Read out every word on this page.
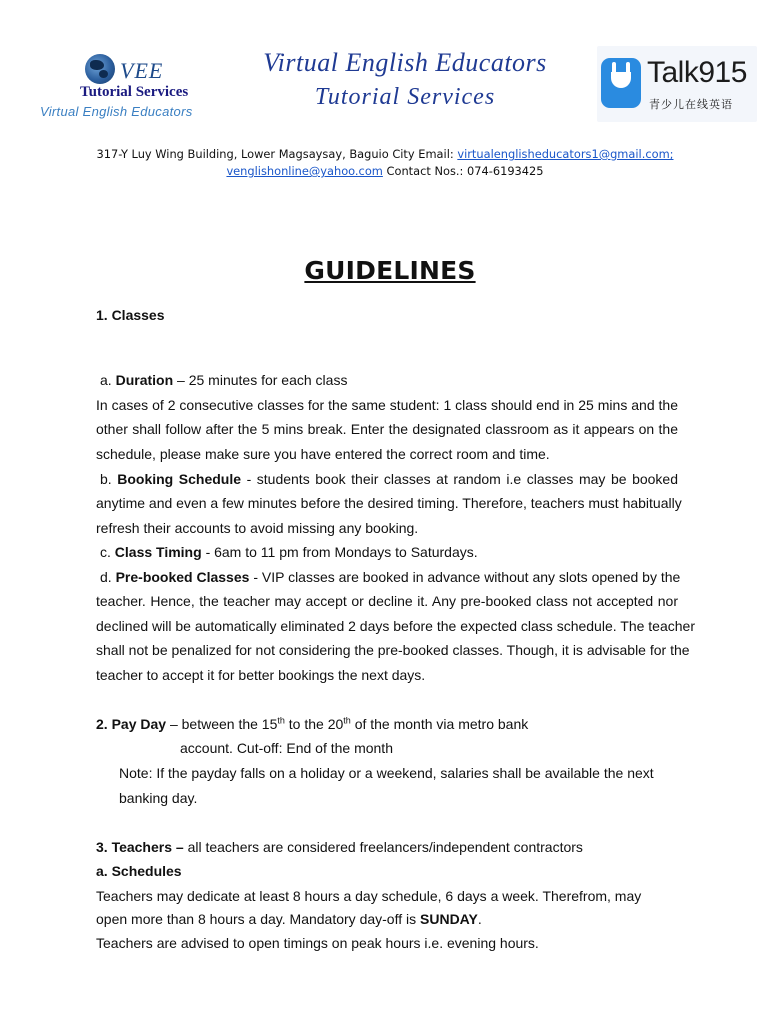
VEE
Tutorial Services
Virtual English Educators
Virtual English Educators
Tutorial Services
Talk915
青少儿在线英语
317-Y Luy Wing Building, Lower Magsaysay, Baguio City Email: virtualenglisheducators1@gmail.com;
venglishonline@yahoo.com Contact Nos.: 074-6193425
GUIDELINES
1. Classes
a. Duration – 25 minutes for each class
In cases of 2 consecutive classes for the same student: 1 class should end in 25 mins and the
other shall follow after the 5 mins break. Enter the designated classroom as it appears on the
schedule, please make sure you have entered the correct room and time.
b. Booking Schedule - students book their classes at random i.e classes may be booked
anytime and even a few minutes before the desired timing. Therefore, teachers must habitually
refresh their accounts to avoid missing any booking.
c. Class Timing - 6am to 11 pm from Mondays to Saturdays.
d. Pre-booked Classes - VIP classes are booked in advance without any slots opened by the
teacher. Hence, the teacher may accept or decline it. Any pre-booked class not accepted nor
declined will be automatically eliminated 2 days before the expected class schedule. The teacher
shall not be penalized for not considering the pre-booked classes. Though, it is advisable for the
teacher to accept it for better bookings the next days.
2. Pay Day – between the 15th to the 20th of the month via metro bank
account. Cut-off: End of the month
Note: If the payday falls on a holiday or a weekend, salaries shall be available the next
banking day.
3. Teachers – all teachers are considered freelancers/independent contractors
a. Schedules
Teachers may dedicate at least 8 hours a day schedule, 6 days a week. Therefrom, may
open more than 8 hours a day. Mandatory day-off is SUNDAY.
Teachers are advised to open timings on peak hours i.e. evening hours.
